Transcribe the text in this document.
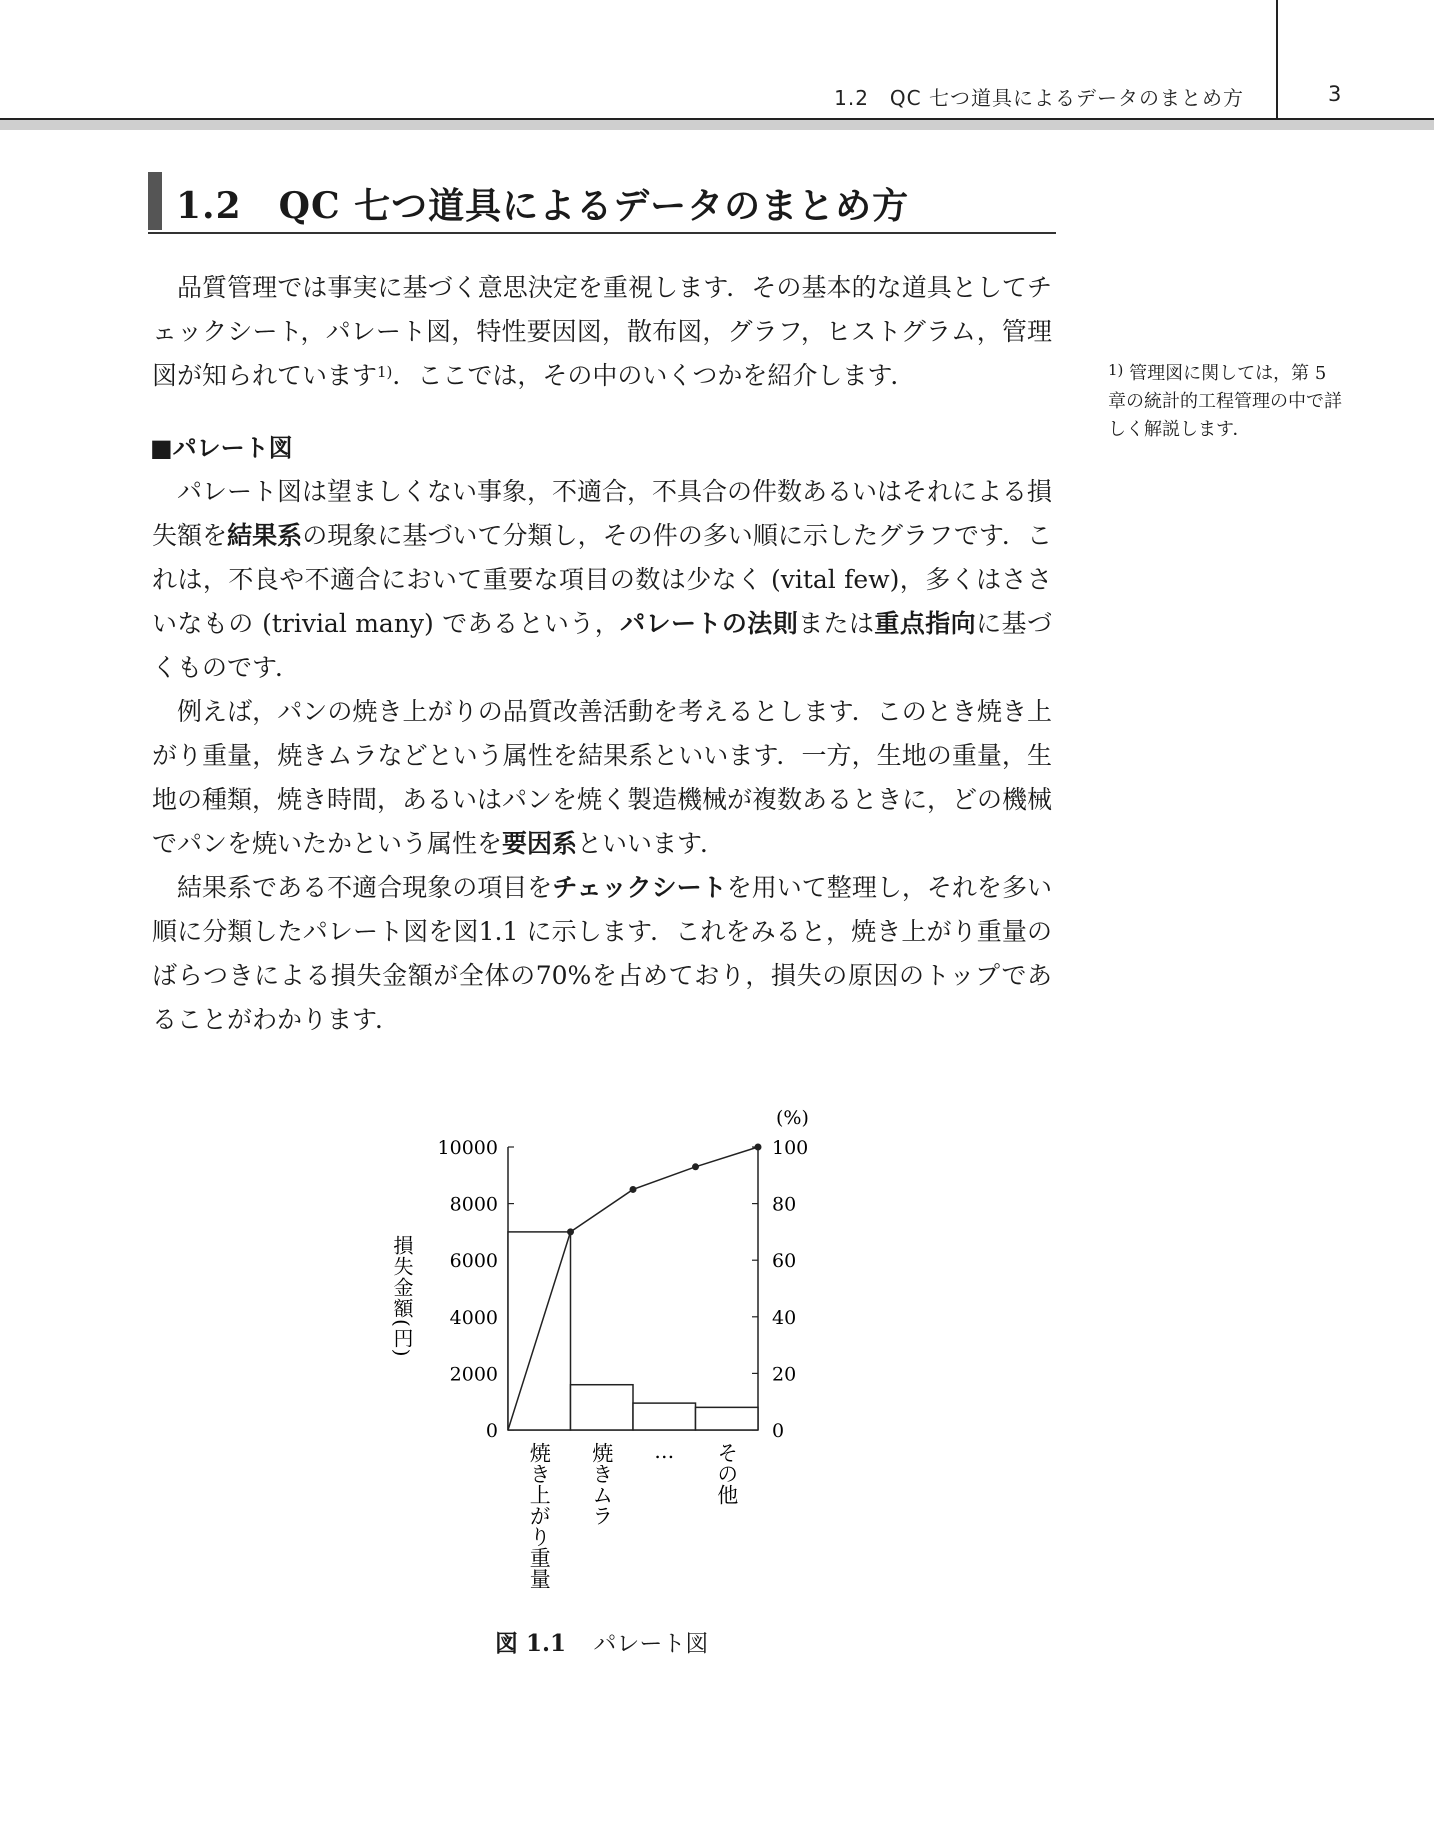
1.2　QC 七つ道具によるデータのまとめ方	3
1.2　QC 七つ道具によるデータのまとめ方

品質管理では事実に基づく意思決定を重視します．その基本的な道具としてチェックシート，パレート図，特性要因図，散布図，グラフ，ヒストグラム，管理図が知られています$^{1)}$．ここでは，その中のいくつかを紹介します．	$^{1)}$ 管理図に関しては，第 5 章の統計的工程管理の中で詳しく解説します．
■パレート図

パレート図は望ましくない事象，不適合，不具合の件数あるいはそれによる損失額を結果系の現象に基づいて分類し，その件の多い順に示したグラフです．これは，不良や不適合において重要な項目の数は少なく (vital few)，多くはささいなもの (trivial many) であるという，パレートの法則または重点指向に基づくものです．

例えば，パンの焼き上がりの品質改善活動を考えるとします．このとき焼き上がり重量，焼きムラなどという属性を結果系といいます．一方，生地の重量，生地の種類，焼き時間，あるいはパンを焼く製造機械が複数あるときに，どの機械でパンを焼いたかという属性を要因系といいます．

結果系である不適合現象の項目をチェックシートを用いて整理し，それを多い順に分類したパレート図を図1.1 に示します．これをみると，焼き上がり重量のばらつきによる損失金額が全体の70%を占めており，損失の原因のトップであることがわかります．

0
2000
4000
6000
8000
10000
0
20
40
60
80
100
(%)
損失金額(円)
焼き上がり重量 焼きムラ … その他
図 1.1 パレート図
